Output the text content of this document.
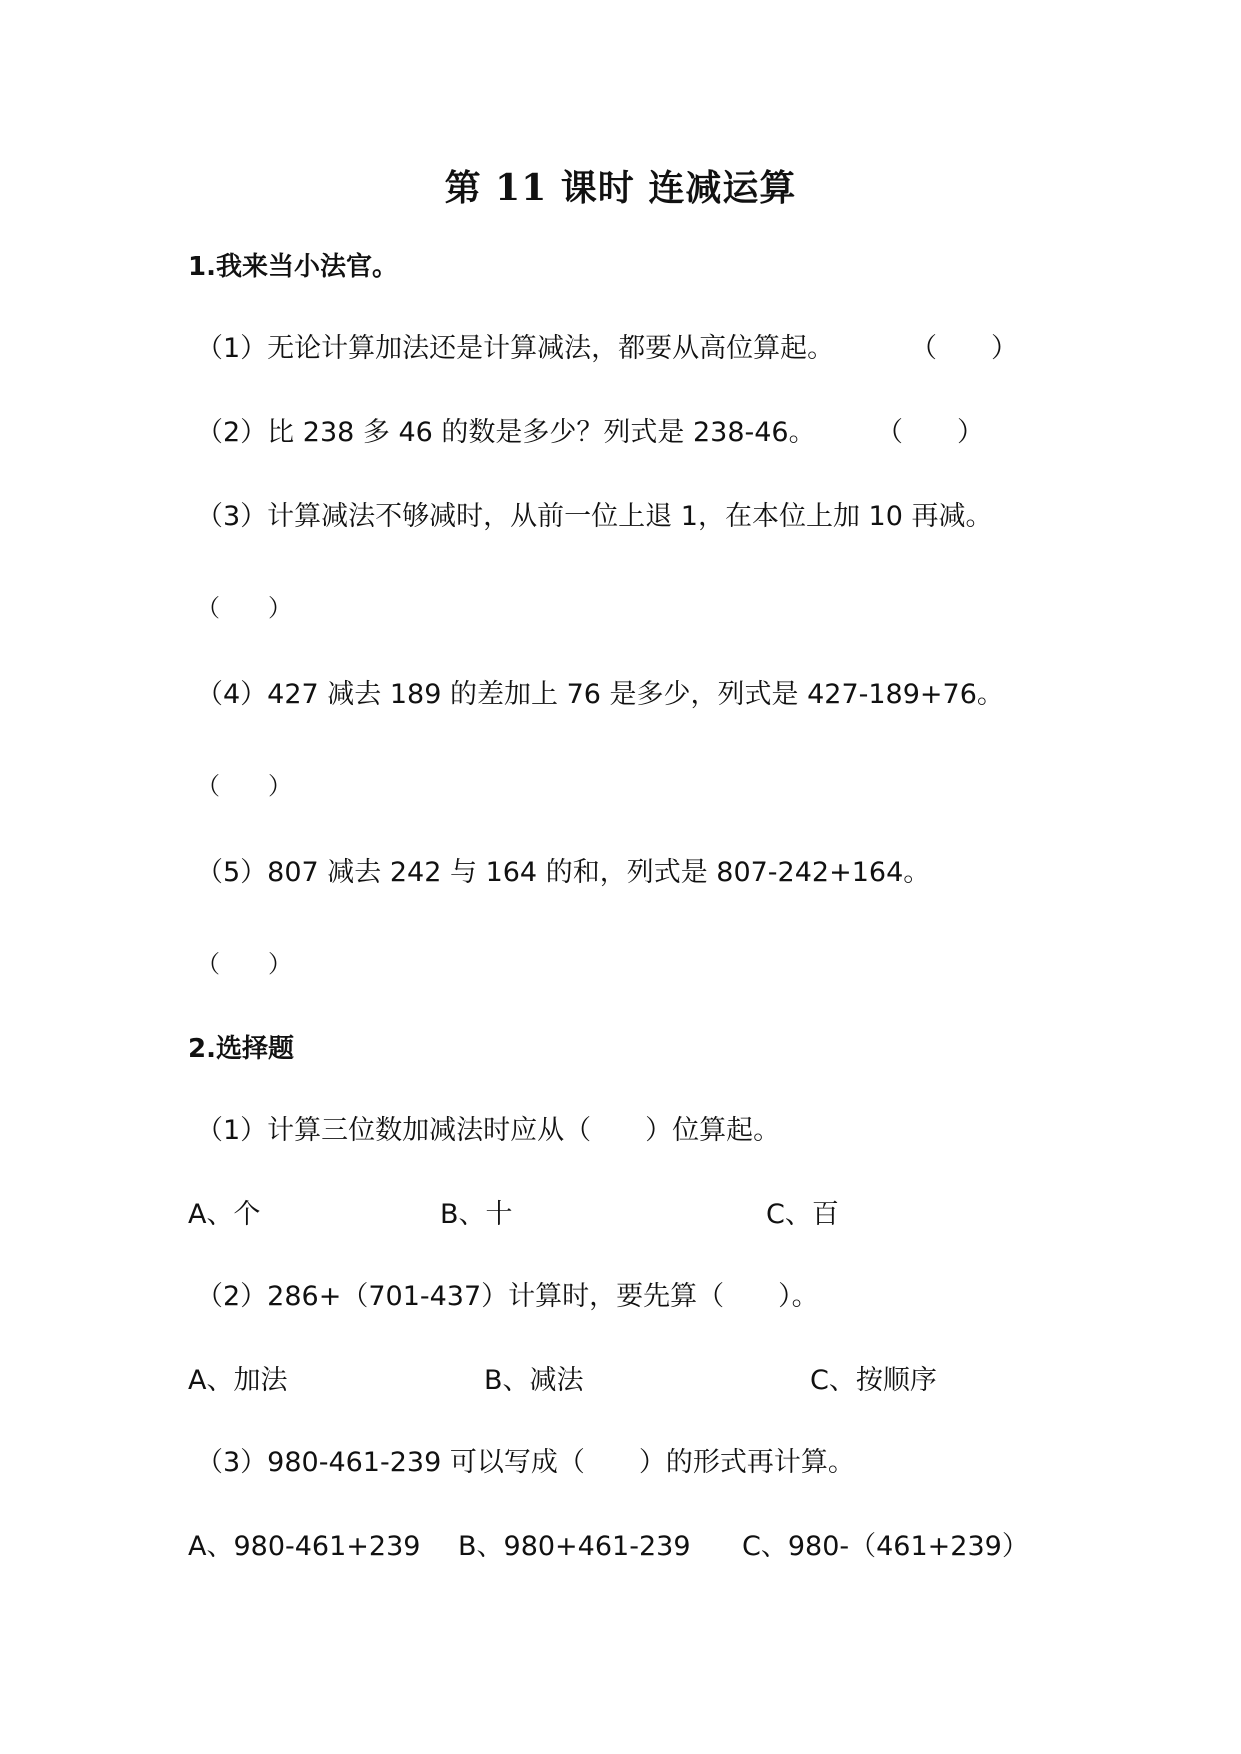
第 11 课时 连减运算
1.我来当小法官。
（1）无论计算加法还是计算减法，都要从高位算起。	（　　）
（2）比 238 多 46 的数是多少？列式是 238-46。 （　　）
（3）计算减法不够减时，从前一位上退 1，在本位上加 10 再减。
（　　）
（4）427 减去 189 的差加上 76 是多少，列式是 427-189+76。
（　　）
（5）807 减去 242 与 164 的和，列式是 807-242+164。
（　　）
2.选择题
（1）计算三位数加减法时应从（　　）位算起。
A、个	B、十	C、百
（2）286+（701-437）计算时，要先算（　　）。
A、加法	B、减法	C、按顺序
（3）980-461-239 可以写成（　　）的形式再计算。
A、980-461+239 B、980+461-239 C、980-（461+239）
